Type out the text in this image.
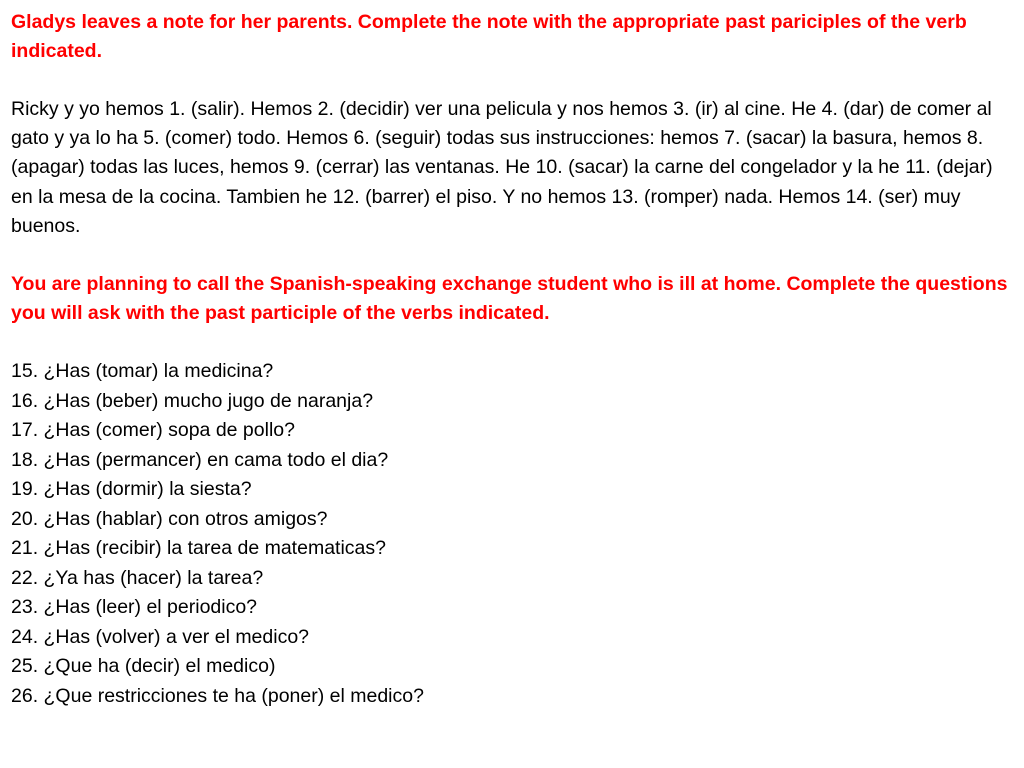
Gladys leaves a note for her parents. Complete the note with the appropriate past pariciples of the verb indicated.

Ricky y yo hemos 1. (salir). Hemos 2. (decidir) ver una pelicula y nos hemos 3. (ir) al cine. He 4. (dar) de comer al gato y ya lo ha 5. (comer) todo. Hemos 6. (seguir) todas sus instrucciones: hemos 7. (sacar) la basura, hemos 8. (apagar) todas las luces, hemos 9. (cerrar) las ventanas. He 10. (sacar) la carne del congelador y la he 11. (dejar) en la mesa de la cocina. Tambien he 12. (barrer) el piso. Y no hemos 13. (romper) nada. Hemos 14. (ser) muy buenos.

You are planning to call the Spanish-speaking exchange student who is ill at home. Complete the questions you will ask with the past participle of the verbs indicated.

15. ¿Has (tomar) la medicina?
16. ¿Has (beber) mucho jugo de naranja?
17. ¿Has (comer) sopa de pollo?
18. ¿Has (permancer) en cama todo el dia?
19. ¿Has (dormir) la siesta?
20. ¿Has (hablar) con otros amigos?
21. ¿Has (recibir) la tarea de matematicas?
22. ¿Ya has (hacer) la tarea?
23. ¿Has (leer) el periodico?
24. ¿Has (volver) a ver el medico?
25. ¿Que ha (decir) el medico)
26. ¿Que restricciones te ha (poner) el medico?
